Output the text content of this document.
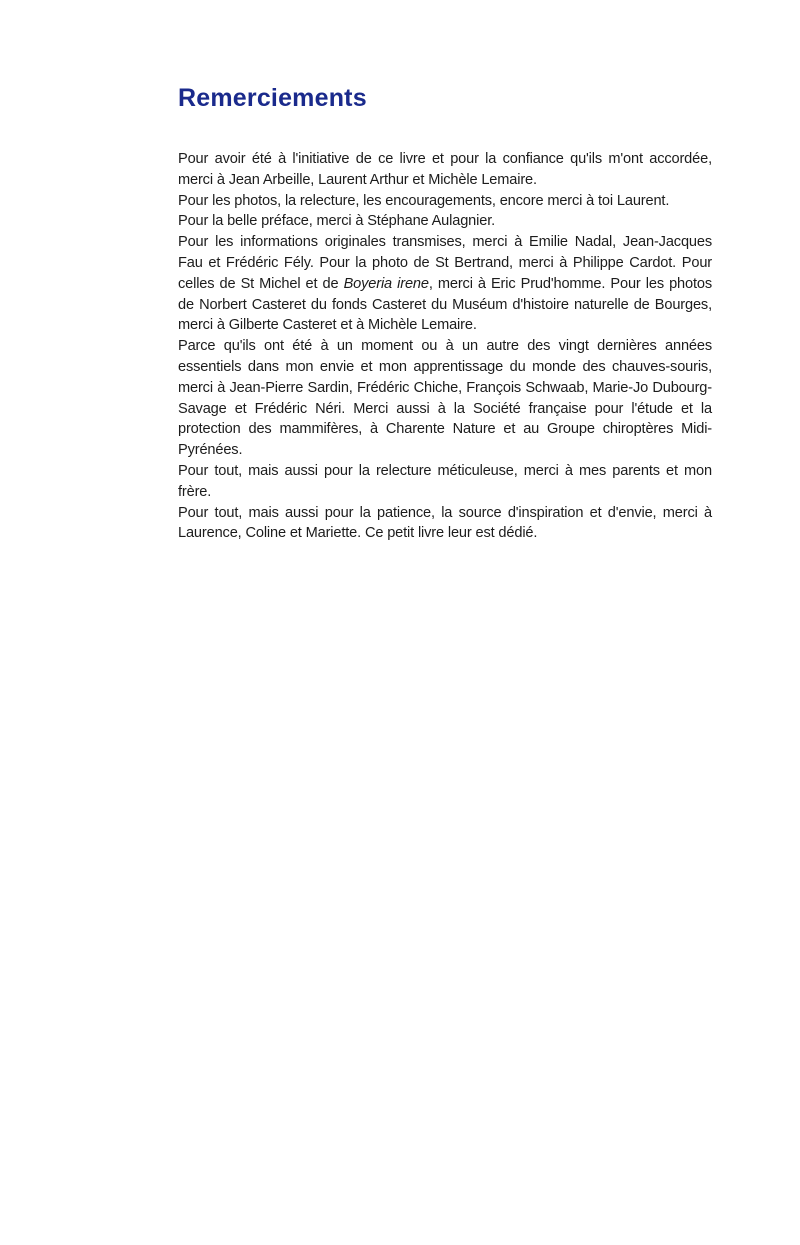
Remerciements

Pour avoir été à l'initiative de ce livre et pour la confiance qu'ils m'ont accordée, merci à Jean Arbeille, Laurent Arthur et Michèle Lemaire.

Pour les photos, la relecture, les encouragements, encore merci à toi Laurent.

Pour la belle préface, merci à Stéphane Aulagnier.

Pour les informations originales transmises, merci à Emilie Nadal, Jean-Jacques Fau et Frédéric Fély. Pour la photo de St Bertrand, merci à Philippe Cardot. Pour celles de St Michel et de Boyeria irene, merci à Eric Prud'homme. Pour les photos de Norbert Casteret du fonds Casteret du Muséum d'histoire naturelle de Bourges, merci à Gilberte Casteret et à Michèle Lemaire.

Parce qu'ils ont été à un moment ou à un autre des vingt dernières années essentiels dans mon envie et mon apprentissage du monde des chauves-souris, merci à Jean-Pierre Sardin, Frédéric Chiche, François Schwaab, Marie-Jo Dubourg-Savage et Frédéric Néri. Merci aussi à la Société française pour l'étude et la protection des mammifères, à Charente Nature et au Groupe chiroptères Midi-Pyrénées.

Pour tout, mais aussi pour la relecture méticuleuse, merci à mes parents et mon frère.

Pour tout, mais aussi pour la patience, la source d'inspiration et d'envie, merci à Laurence, Coline et Mariette. Ce petit livre leur est dédié.
